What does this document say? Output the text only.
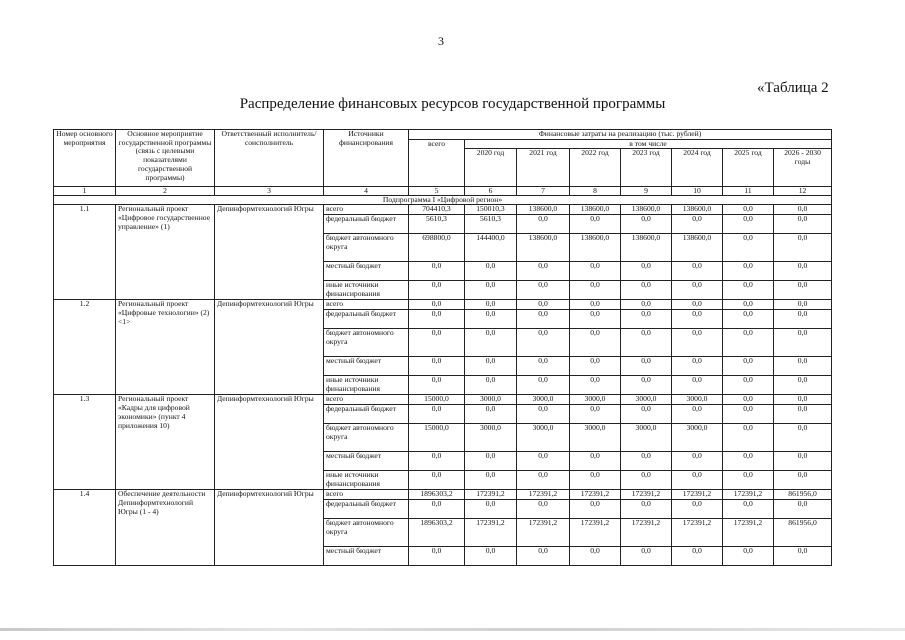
3
«Таблица 2
Распределение финансовых ресурсов государственной программы
Номер основного мероприятия	Основное мероприятие государственной программы (связь с целевыми показателями государственной программы)	Ответственный исполнитель/соисполнитель	Источники финансирования	Финансовые затраты на реализацию (тыс. рублей)							
				всего	в том числе						
					2020 год	2021 год	2022 год	2023 год	2024 год	2025 год	2026 - 2030 годы
1	2	3	4	5	6	7	8	9	10	11	12
Подпрограмма I «Цифровой регион»											
1.1	Региональный проект «Цифровое государственное управление» (1)	Депинформтехнологий Югры	всего	704410,3	150010,3	138600,0	138600,0	138600,0	138600,0	0,0	0,0
			федеральный бюджет	5610,3	5610,3	0,0	0,0	0,0	0,0	0,0	0,0
			бюджет автономного округа	698800,0	144400,0	138600,0	138600,0	138600,0	138600,0	0,0	0,0
			местный бюджет	0,0	0,0	0,0	0,0	0,0	0,0	0,0	0,0
			иные источники финансирования	0,0	0,0	0,0	0,0	0,0	0,0	0,0	0,0
1.2	Региональный проект «Цифровые технологии» (2) <1>	Депинформтехнологий Югры	всего	0,0	0,0	0,0	0,0	0,0	0,0	0,0	0,0
			федеральный бюджет	0,0	0,0	0,0	0,0	0,0	0,0	0,0	0,0
			бюджет автономного округа	0,0	0,0	0,0	0,0	0,0	0,0	0,0	0,0
			местный бюджет	0,0	0,0	0,0	0,0	0,0	0,0	0,0	0,0
			иные источники финансирования	0,0	0,0	0,0	0,0	0,0	0,0	0,0	0,0
1.3	Региональный проект «Кадры для цифровой экономики» (пункт 4 приложения 10)	Депинформтехнологий Югры	всего	15000,0	3000,0	3000,0	3000,0	3000,0	3000,0	0,0	0,0
			федеральный бюджет	0,0	0,0	0,0	0,0	0,0	0,0	0,0	0,0
			бюджет автономного округа	15000,0	3000,0	3000,0	3000,0	3000,0	3000,0	0,0	0,0
			местный бюджет	0,0	0,0	0,0	0,0	0,0	0,0	0,0	0,0
			иные источники финансирования	0,0	0,0	0,0	0,0	0,0	0,0	0,0	0,0
1.4	Обеспечение деятельности Депинформтехнологий Югры (1 - 4)	Депинформтехнологий Югры	всего	1896303,2	172391,2	172391,2	172391,2	172391,2	172391,2	172391,2	861956,0
			федеральный бюджет	0,0	0,0	0,0	0,0	0,0	0,0	0,0	0,0
			бюджет автономного округа	1896303,2	172391,2	172391,2	172391,2	172391,2	172391,2	172391,2	861956,0
			местный бюджет	0,0	0,0	0,0	0,0	0,0	0,0	0,0	0,0
